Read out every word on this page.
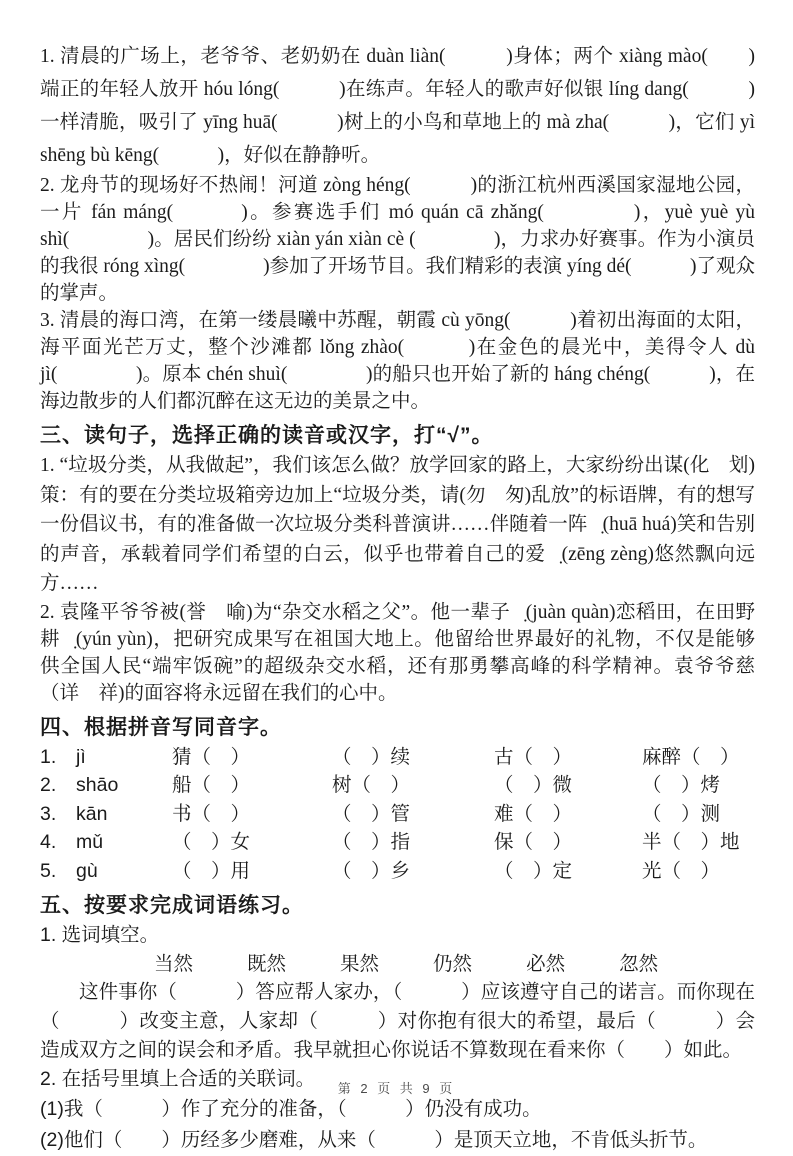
1. 清晨的广场上，老爷爷、老奶奶在 duàn liàn(　　　)身体；两个 xiàng mào(　　)端正的年轻人放开 hóu lóng(　　　)在练声。年轻人的歌声好似银 líng dang(　　　)一样清脆，吸引了 yīng huā(　　　)树上的小鸟和草地上的 mà zha(　　　)，它们 yì shēng bù kēng(　　　)，好似在静静听。

2. 龙舟节的现场好不热闹！河道 zòng héng(　　　)的浙江杭州西溪国家湿地公园，一片 fán máng(　　　)。参赛选手们 mó quán cā zhǎng(　　　　)，yuè yuè yù shì(　　　　)。居民们纷纷 xiàn yán xiàn cè (　　　　)，力求办好赛事。作为小演员的我很 róng xìng(　　　　)参加了开场节目。我们精彩的表演 yíng dé(　　　)了观众的掌声。

3. 清晨的海口湾，在第一缕晨曦中苏醒，朝霞 cù yōng(　　　)着初出海面的太阳，海平面光芒万丈，整个沙滩都 lǒng zhào(　　　)在金色的晨光中，美得令人 dù jì(　　　　)。原本 chén shuì(　　　　)的船只也开始了新的 háng chéng(　　　)，在海边散步的人们都沉醉在这无边的美景之中。

三、读句子，选择正确的读音或汉字，打“√”。

1. “垃圾分类，从我做起”，我们该怎么做？放学回家的路上，大家纷纷出谋(化　划)策：有的要在分类垃圾箱旁边加上“垃圾分类，请(勿　匆)乱放”的标语牌，有的想写一份倡议书，有的准备做一次垃圾分类科普演讲……伴随着一阵哗̣(huā huá)笑和告别的声音，承载着同学们希望的白云，似乎也带着自己的爱憎̣(zēng zèng)悠然飘向远方……

2. 袁隆平爷爷被(誉　喻)为“杂交水稻之父”。他一辈子眷̣(juàn quàn)恋稻田，在田野耕耘̣(yún yùn)，把研究成果写在祖国大地上。他留给世界最好的礼物，不仅是能够供全国人民“端牢饭碗”的超级杂交水稻，还有那勇攀高峰的科学精神。袁爷爷慈（详　祥)的面容将永远留在我们的心中。

四、根据拼音写同音字。
1.	jì	猜（　）	（　）续	古（　）	麻醉（　）
2.	shāo	船（　）	树（　）	（　）微	（　）烤
3.	kān	书（　）	（　）管	难（　）	（　）测
4.	mǔ	（　）女	（　）指	保（　）	半（　）地
5.	gù	（　）用	（　）乡	（　）定	光（　）
五、按要求完成词语练习。

1. 选词填空。

当然	既然	果然	仍然	必然	忽然

这件事你（　　　）答应帮人家办，（　　　）应该遵守自己的诺言。而你现在（　　　）改变主意，人家却（　　　）对你抱有很大的希望，最后（　　　）会造成双方之间的误会和矛盾。我早就担心你说话不算数现在看来你（　　）如此。

2. 在括号里填上合适的关联词。

(1)我（　　　）作了充分的准备，（　　　）仍没有成功。

(2)他们（　　）历经多少磨难，从来（　　　）是顶天立地，不肯低头折节。

第 2 页 共 9 页
